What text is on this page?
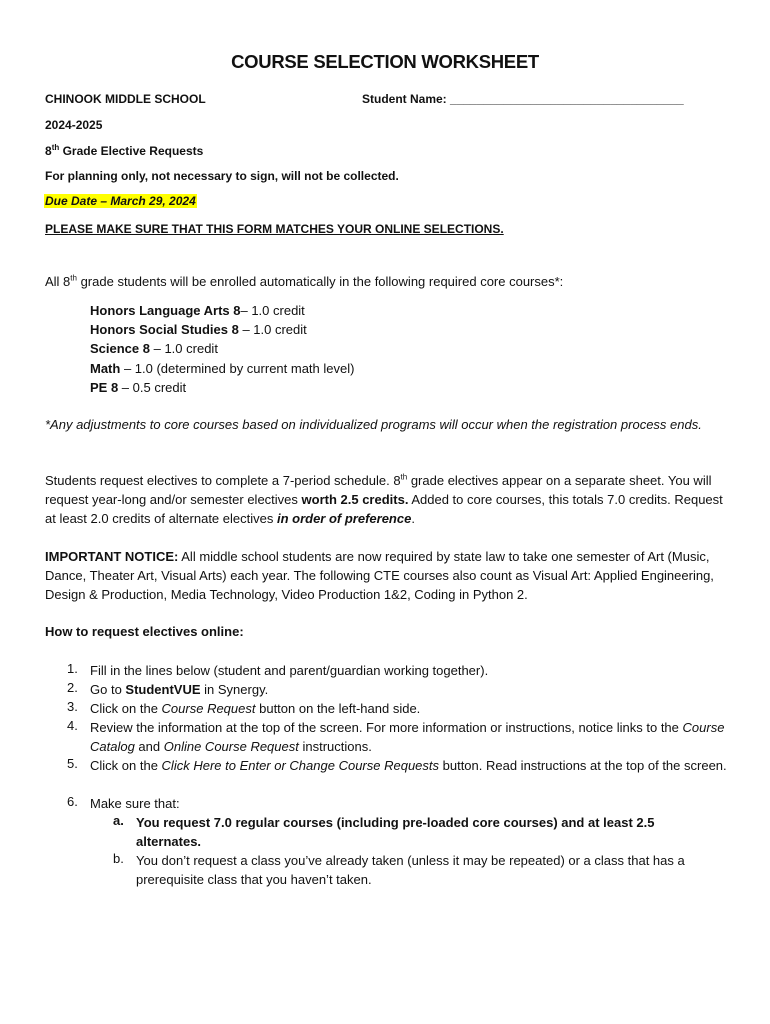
COURSE SELECTION WORKSHEET
CHINOOK MIDDLE SCHOOL	Student Name: ___________________________________
2024-2025
8th Grade Elective Requests
For planning only, not necessary to sign, will not be collected.
Due Date – March 29, 2024
PLEASE MAKE SURE THAT THIS FORM MATCHES YOUR ONLINE SELECTIONS.
All 8th grade students will be enrolled automatically in the following required core courses*:
Honors Language Arts 8– 1.0 credit
Honors Social Studies 8 – 1.0 credit
Science 8 – 1.0 credit
Math – 1.0 (determined by current math level)
PE 8 – 0.5 credit
*Any adjustments to core courses based on individualized programs will occur when the registration process ends.
Students request electives to complete a 7-period schedule. 8th grade electives appear on a separate sheet. You will request year-long and/or semester electives worth 2.5 credits. Added to core courses, this totals 7.0 credits. Request at least 2.0 credits of alternate electives in order of preference.
IMPORTANT NOTICE: All middle school students are now required by state law to take one semester of Art (Music, Dance, Theater Art, Visual Arts) each year. The following CTE courses also count as Visual Art: Applied Engineering, Design & Production, Media Technology, Video Production 1&2, Coding in Python 2.
How to request electives online:
1. Fill in the lines below (student and parent/guardian working together).
2. Go to StudentVUE in Synergy.
3. Click on the Course Request button on the left-hand side.
4. Review the information at the top of the screen. For more information or instructions, notice links to the Course Catalog and Online Course Request instructions.
5. Click on the Click Here to Enter or Change Course Requests button. Read instructions at the top of the screen.
6. Make sure that:
a. You request 7.0 regular courses (including pre-loaded core courses) and at least 2.5 alternates.
b. You don’t request a class you’ve already taken (unless it may be repeated) or a class that has a prerequisite class that you haven’t taken.
